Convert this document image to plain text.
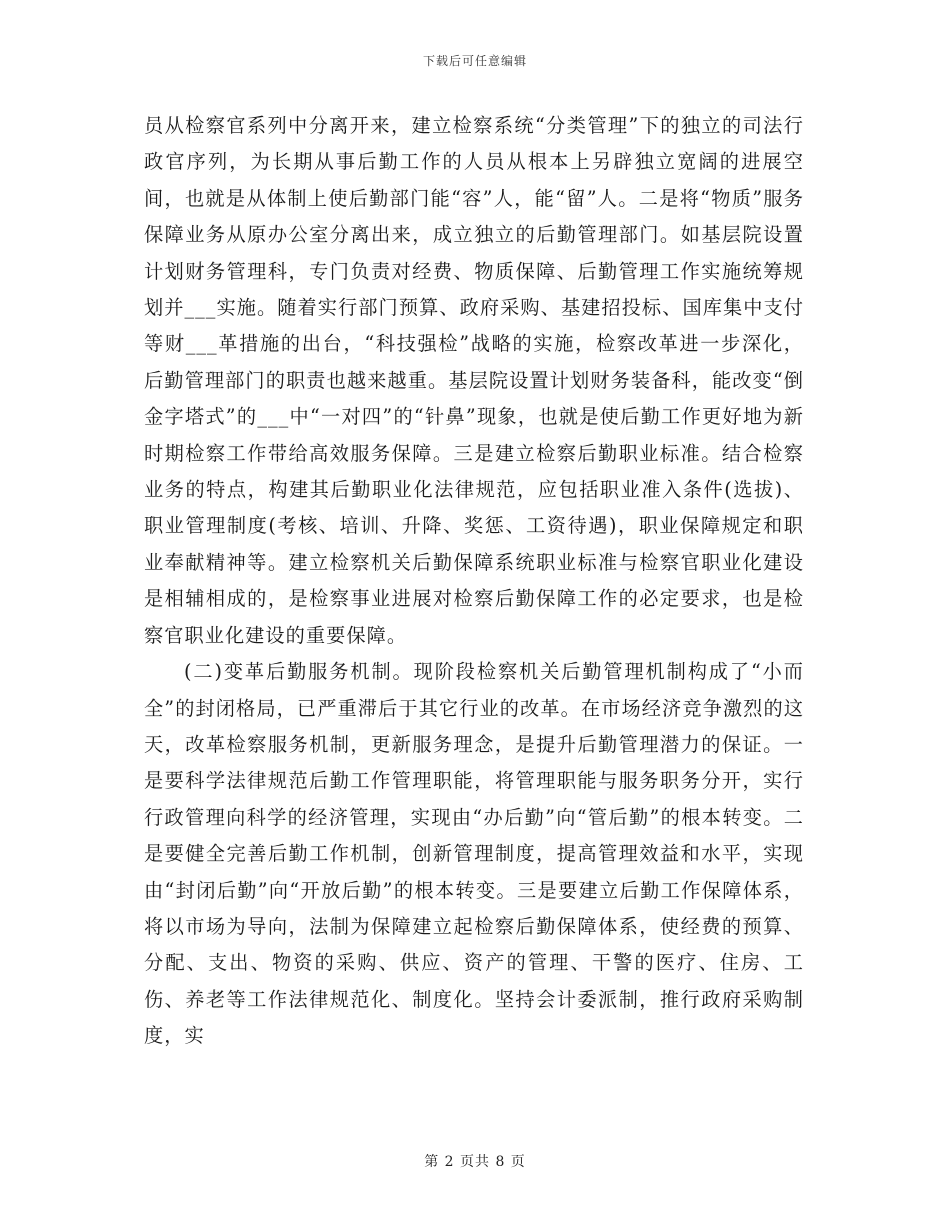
下载后可任意编辑

员从检察官系列中分离开来，建立检察系统“分类管理”下的独立的司法行政官序列，为长期从事后勤工作的人员从根本上另辟独立宽阔的进展空间，也就是从体制上使后勤部门能“容”人，能“留”人。二是将“物质”服务保障业务从原办公室分离出来，成立独立的后勤管理部门。如基层院设置计划财务管理科，专门负责对经费、物质保障、后勤管理工作实施统筹规划并___实施。随着实行部门预算、政府采购、基建招投标、国库集中支付等财___革措施的出台，“科技强检”战略的实施，检察改革进一步深化，后勤管理部门的职责也越来越重。基层院设置计划财务装备科，能改变“倒金字塔式”的___中“一对四”的“针鼻”现象，也就是使后勤工作更好地为新时期检察工作带给高效服务保障。三是建立检察后勤职业标准。结合检察业务的特点，构建其后勤职业化法律规范，应包括职业准入条件(选拔)、职业管理制度(考核、培训、升降、奖惩、工资待遇)，职业保障规定和职业奉献精神等。建立检察机关后勤保障系统职业标准与检察官职业化建设是相辅相成的，是检察事业进展对检察后勤保障工作的必定要求，也是检察官职业化建设的重要保障。

(二)变革后勤服务机制。现阶段检察机关后勤管理机制构成了“小而全”的封闭格局，已严重滞后于其它行业的改革。在市场经济竞争激烈的这天，改革检察服务机制，更新服务理念，是提升后勤管理潜力的保证。一是要科学法律规范后勤工作管理职能，将管理职能与服务职务分开，实行行政管理向科学的经济管理，实现由“办后勤”向“管后勤”的根本转变。二是要健全完善后勤工作机制，创新管理制度，提高管理效益和水平，实现由“封闭后勤”向“开放后勤”的根本转变。三是要建立后勤工作保障体系，将以市场为导向，法制为保障建立起检察后勤保障体系，使经费的预算、分配、支出、物资的采购、供应、资产的管理、干警的医疗、住房、工伤、养老等工作法律规范化、制度化。坚持会计委派制，推行政府采购制度，实

第 2 页共 8 页
